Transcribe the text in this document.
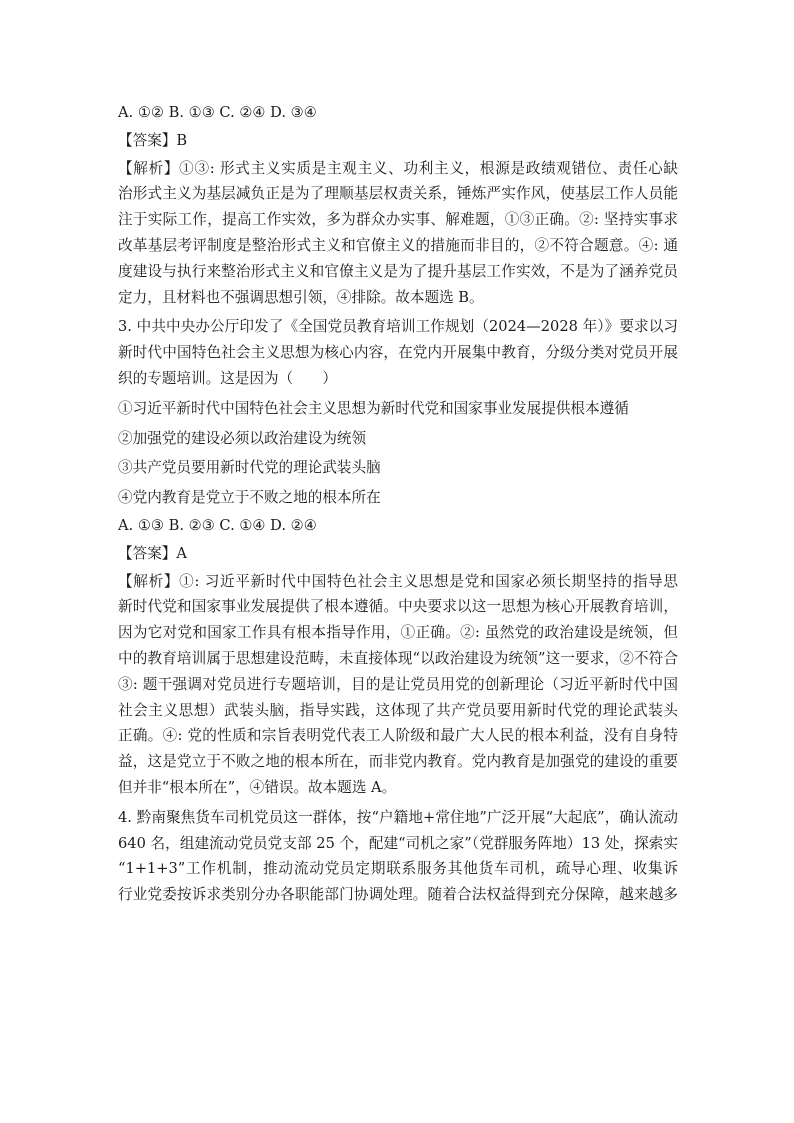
A. ①② B. ①③ C. ②④ D. ③④
【答案】B
【解析】①③: 形式主义实质是主观主义、功利主义，根源是政绩观错位、责任心缺
治形式主义为基层减负正是为了理顺基层权责关系，锤炼严实作风，使基层工作人员能
注于实际工作，提高工作实效，多为群众办实事、解难题，①③正确。②: 坚持实事求
改革基层考评制度是整治形式主义和官僚主义的措施而非目的，②不符合题意。④: 通
度建设与执行来整治形式主义和官僚主义是为了提升基层工作实效，不是为了涵养党员
定力，且材料也不强调思想引领，④排除。故本题选 B。
3. 中共中央办公厅印发了《全国党员教育培训工作规划（2024—2028 年）》要求以习
新时代中国特色社会主义思想为核心内容，在党内开展集中教育，分级分类对党员开展
织的专题培训。这是因为（　　）
①习近平新时代中国特色社会主义思想为新时代党和国家事业发展提供根本遵循
②加强党的建设必须以政治建设为统领
③共产党员要用新时代党的理论武装头脑
④党内教育是党立于不败之地的根本所在
A. ①③ B. ②③ C. ①④ D. ②④
【答案】A
【解析】①: 习近平新时代中国特色社会主义思想是党和国家必须长期坚持的指导思
新时代党和国家事业发展提供了根本遵循。中央要求以这一思想为核心开展教育培训，
因为它对党和国家工作具有根本指导作用，①正确。②: 虽然党的政治建设是统领，但
中的教育培训属于思想建设范畴，未直接体现“以政治建设为统领”这一要求，②不符合
③: 题干强调对党员进行专题培训，目的是让党员用党的创新理论（习近平新时代中国
社会主义思想）武装头脑，指导实践，这体现了共产党员要用新时代党的理论武装头
正确。④: 党的性质和宗旨表明党代表工人阶级和最广大人民的根本利益，没有自身特
益，这是党立于不败之地的根本所在，而非党内教育。党内教育是加强党的建设的重要
但并非“根本所在”，④错误。故本题选 A。
4. 黔南聚焦货车司机党员这一群体，按“户籍地+常住地”广泛开展“大起底”，确认流动
640 名，组建流动党员党支部 25 个，配建“司机之家”（党群服务阵地）13 处，探索实
“1+1+3”工作机制，推动流动党员定期联系服务其他货车司机，疏导心理、收集诉
行业党委按诉求类别分办各职能部门协调处理。随着合法权益得到充分保障，越来越多
